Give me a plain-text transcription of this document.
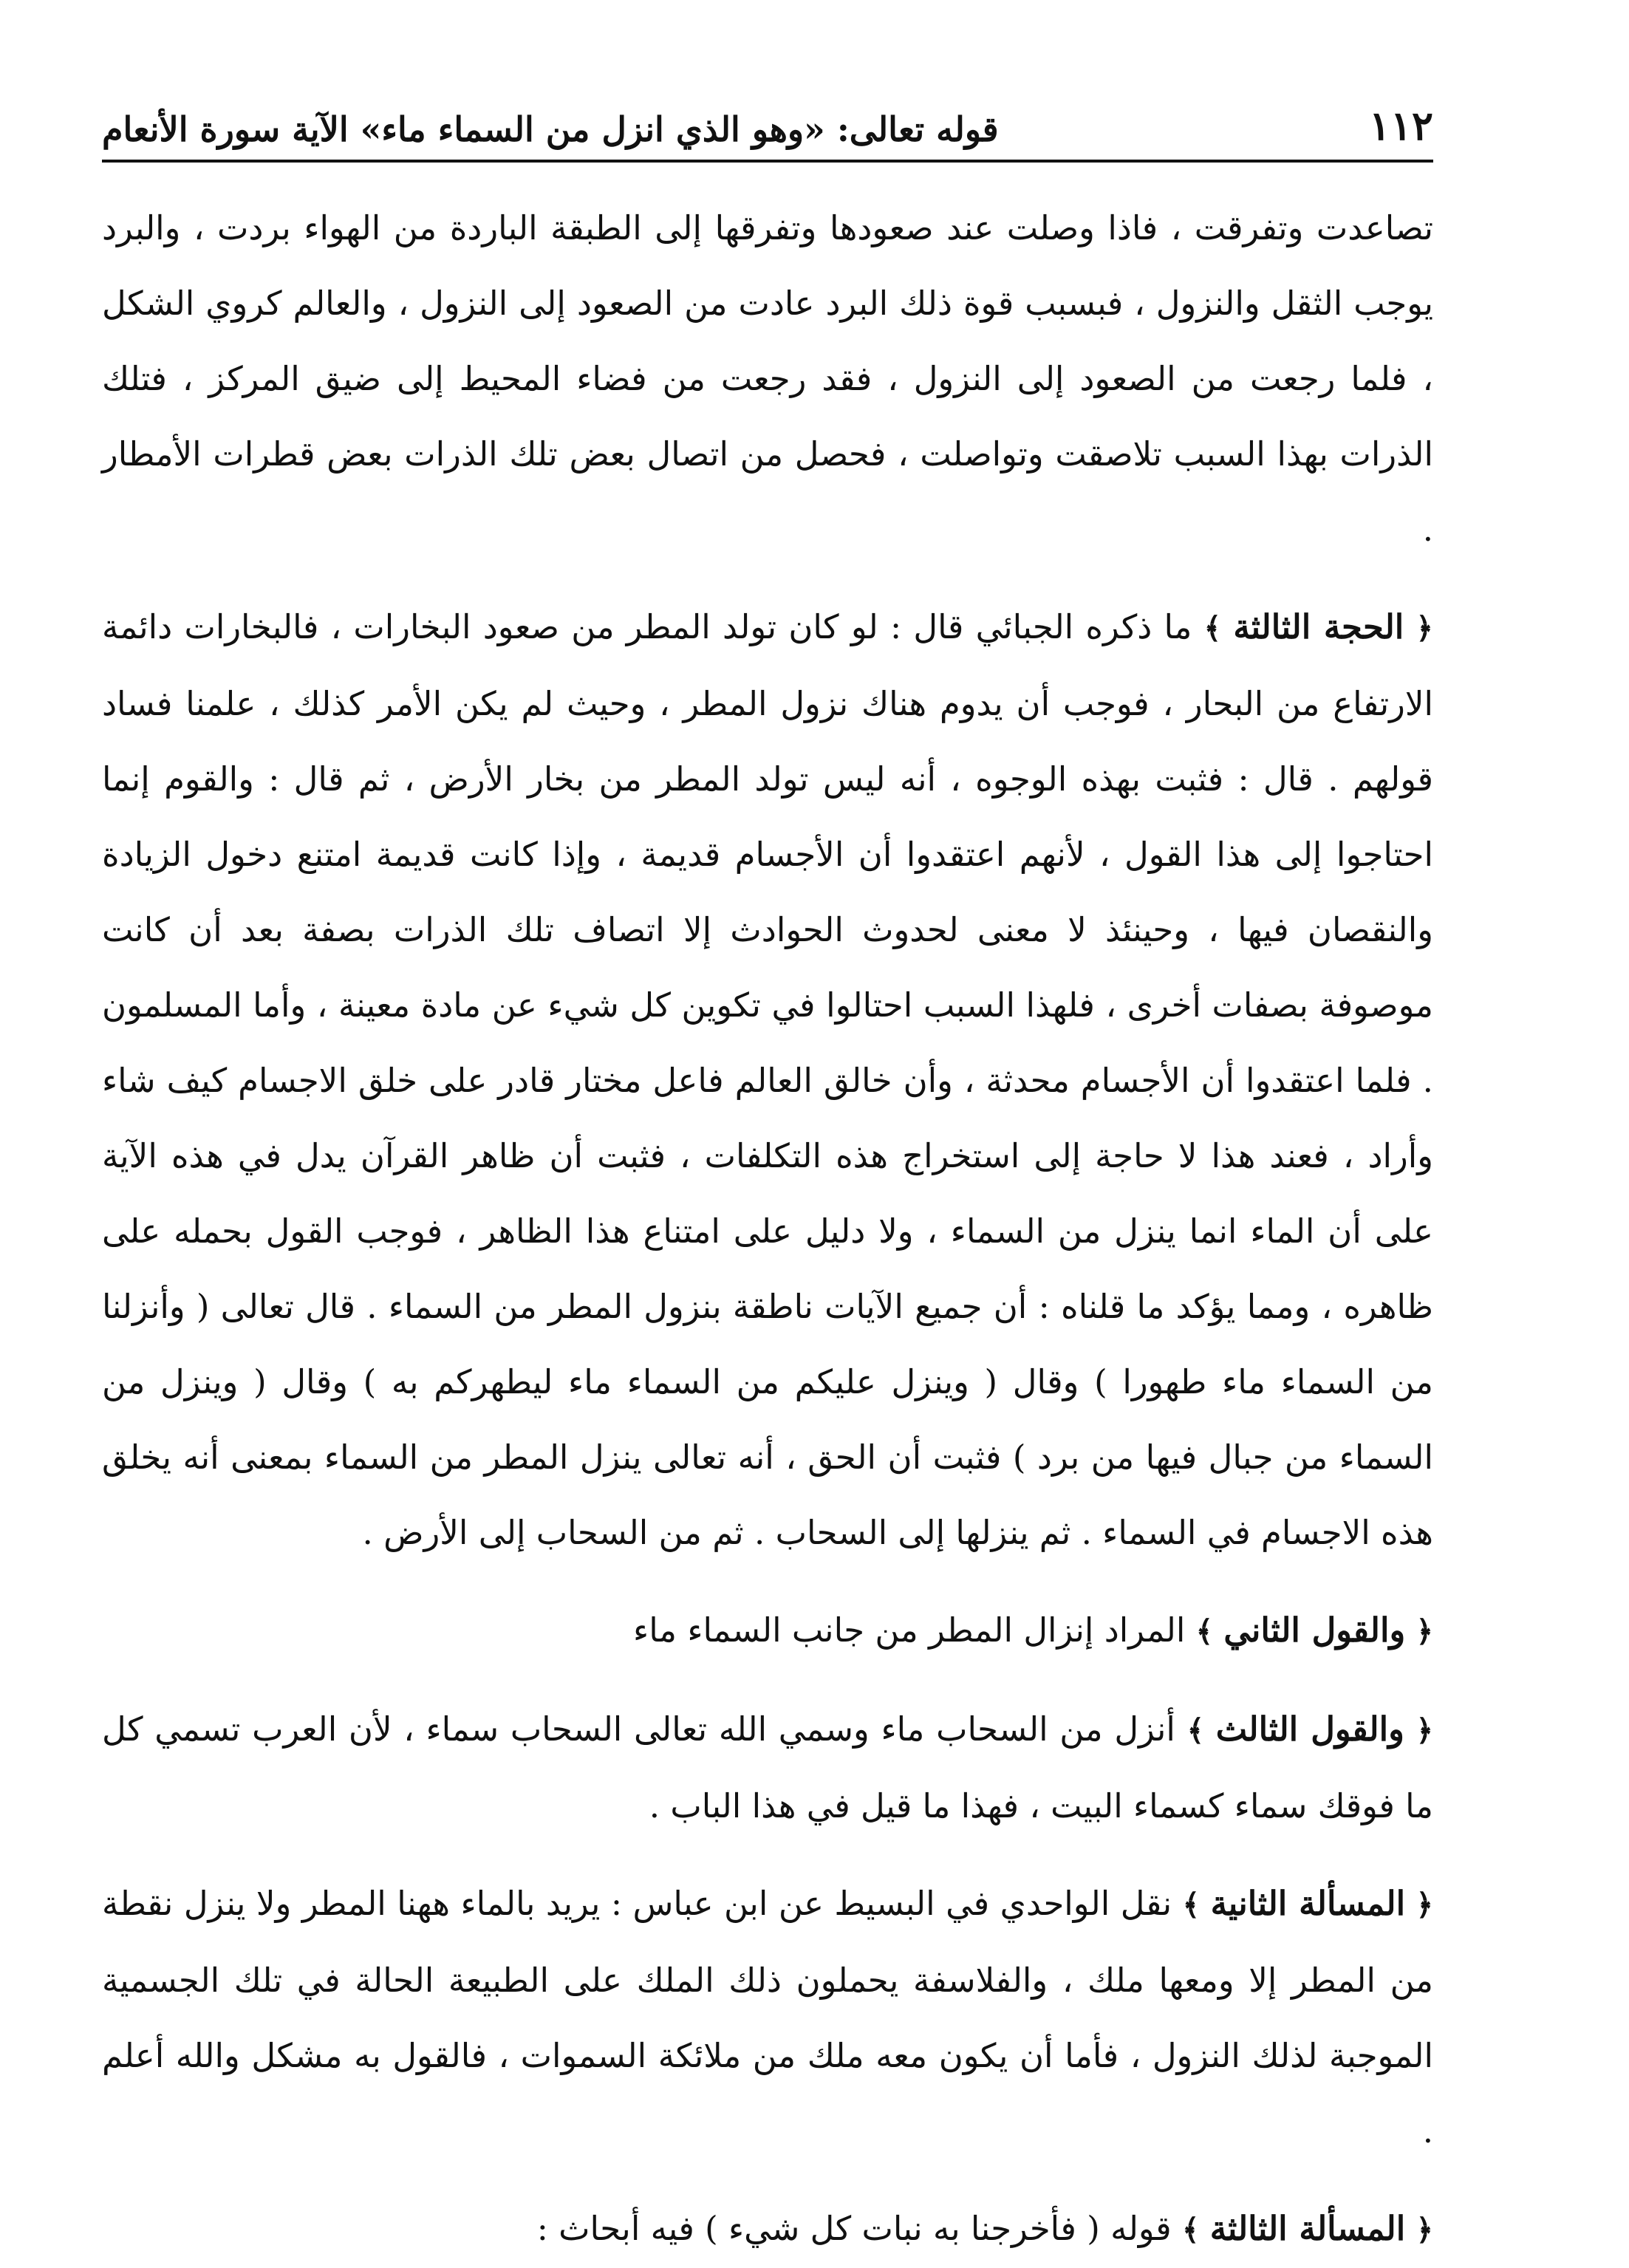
١١٢
قوله تعالى: «وهو الذي انزل من السماء ماء» الآية سورة الأنعام

تصاعدت وتفرقت ، فاذا وصلت عند صعودها وتفرقها إلى الطبقة الباردة من الهواء بردت ، والبرد يوجب الثقل والنزول ، فبسبب قوة ذلك البرد عادت من الصعود إلى النزول ، والعالم كروي الشكل ، فلما رجعت من الصعود إلى النزول ، فقد رجعت من فضاء المحيط إلى ضيق المركز ، فتلك الذرات بهذا السبب تلاصقت وتواصلت ، فحصل من اتصال بعض تلك الذرات بعض قطرات الأمطار .

﴿ الحجة الثالثة ﴾ ما ذكره الجبائي قال : لو كان تولد المطر من صعود البخارات ، فالبخارات دائمة الارتفاع من البحار ، فوجب أن يدوم هناك نزول المطر ، وحيث لم يكن الأمر كذلك ، علمنا فساد قولهم . قال : فثبت بهذه الوجوه ، أنه ليس تولد المطر من بخار الأرض ، ثم قال : والقوم إنما احتاجوا إلى هذا القول ، لأنهم اعتقدوا أن الأجسام قديمة ، وإذا كانت قديمة امتنع دخول الزيادة والنقصان فيها ، وحينئذ لا معنى لحدوث الحوادث إلا اتصاف تلك الذرات بصفة بعد أن كانت موصوفة بصفات أخرى ، فلهذا السبب احتالوا في تكوين كل شيء عن مادة معينة ، وأما المسلمون . فلما اعتقدوا أن الأجسام محدثة ، وأن خالق العالم فاعل مختار قادر على خلق الاجسام كيف شاء وأراد ، فعند هذا لا حاجة إلى استخراج هذه التكلفات ، فثبت أن ظاهر القرآن يدل في هذه الآية على أن الماء انما ينزل من السماء ، ولا دليل على امتناع هذا الظاهر ، فوجب القول بحمله على ظاهره ، ومما يؤكد ما قلناه : أن جميع الآيات ناطقة بنزول المطر من السماء . قال تعالى ( وأنزلنا من السماء ماء طهورا ) وقال ( وينزل عليكم من السماء ماء ليطهركم به ) وقال ( وينزل من السماء من جبال فيها من برد ) فثبت أن الحق ، أنه تعالى ينزل المطر من السماء بمعنى أنه يخلق هذه الاجسام في السماء . ثم ينزلها إلى السحاب . ثم من السحاب إلى الأرض .

﴿ والقول الثاني ﴾ المراد إنزال المطر من جانب السماء ماء

﴿ والقول الثالث ﴾ أنزل من السحاب ماء وسمي الله تعالى السحاب سماء ، لأن العرب تسمي كل ما فوقك سماء كسماء البيت ، فهذا ما قيل في هذا الباب .

﴿ المسألة الثانية ﴾ نقل الواحدي في البسيط عن ابن عباس : يريد بالماء ههنا المطر ولا ينزل نقطة من المطر إلا ومعها ملك ، والفلاسفة يحملون ذلك الملك على الطبيعة الحالة في تلك الجسمية الموجبة لذلك النزول ، فأما أن يكون معه ملك من ملائكة السموات ، فالقول به مشكل والله أعلم .

﴿ المسألة الثالثة ﴾ قوله ( فأخرجنا به نبات كل شيء ) فيه أبحاث :
